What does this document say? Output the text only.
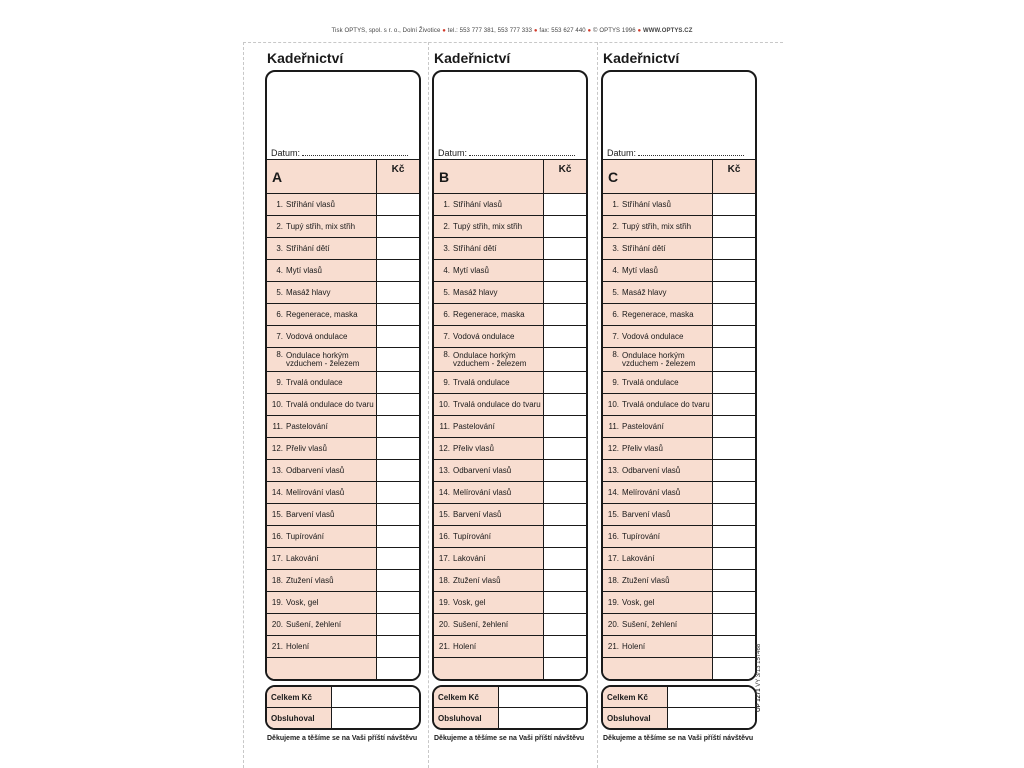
Tisk OPTYS, spol. s r. o., Dolní Životice ● tel.: 553 777 381, 553 777 333 ● fax: 553 627 440 ● © OPTYS 1996 ● WWW.OPTYS.CZ
Kadeřnictví
Datum:
A	Kč
1. Stříhání vlasů
2. Tupý střih, mix střih
3. Stříhání dětí
4. Mytí vlasů
5. Masáž hlavy
6. Regenerace, maska
7. Vodová ondulace
8. Ondulace horkým vzduchem - železem
9. Trvalá ondulace
10. Trvalá ondulace do tvaru
11. Pastelování
12. Přeliv vlasů
13. Odbarvení vlasů
14. Melírování vlasů
15. Barvení vlasů
16. Tupírování
17. Lakování
18. Ztužení vlasů
19. Vosk, gel
20. Sušení, žehlení
21. Holení
Celkem Kč
Obsluhoval
Děkujeme a těšíme se na Vaši příští návštěvu
Kadeřnictví
Datum:
B	Kč
1. Stříhání vlasů
2. Tupý střih, mix střih
3. Stříhání dětí
4. Mytí vlasů
5. Masáž hlavy
6. Regenerace, maska
7. Vodová ondulace
8. Ondulace horkým vzduchem - železem
9. Trvalá ondulace
10. Trvalá ondulace do tvaru
11. Pastelování
12. Přeliv vlasů
13. Odbarvení vlasů
14. Melírování vlasů
15. Barvení vlasů
16. Tupírování
17. Lakování
18. Ztužení vlasů
19. Vosk, gel
20. Sušení, žehlení
21. Holení
Celkem Kč
Obsluhoval
Děkujeme a těšíme se na Vaši příští návštěvu
Kadeřnictví
Datum:
C	Kč
1. Stříhání vlasů
2. Tupý střih, mix střih
3. Stříhání dětí
4. Mytí vlasů
5. Masáž hlavy
6. Regenerace, maska
7. Vodová ondulace
8. Ondulace horkým vzduchem - železem
9. Trvalá ondulace
10. Trvalá ondulace do tvaru
11. Pastelování
12. Přeliv vlasů
13. Odbarvení vlasů
14. Melírování vlasů
15. Barvení vlasů
16. Tupírování
17. Lakování
18. Ztužení vlasů
19. Vosk, gel
20. Sušení, žehlení
21. Holení
Celkem Kč
Obsluhoval
Děkujeme a těšíme se na Vaši příští návštěvu
OP 1271 VY 3/13 157468
